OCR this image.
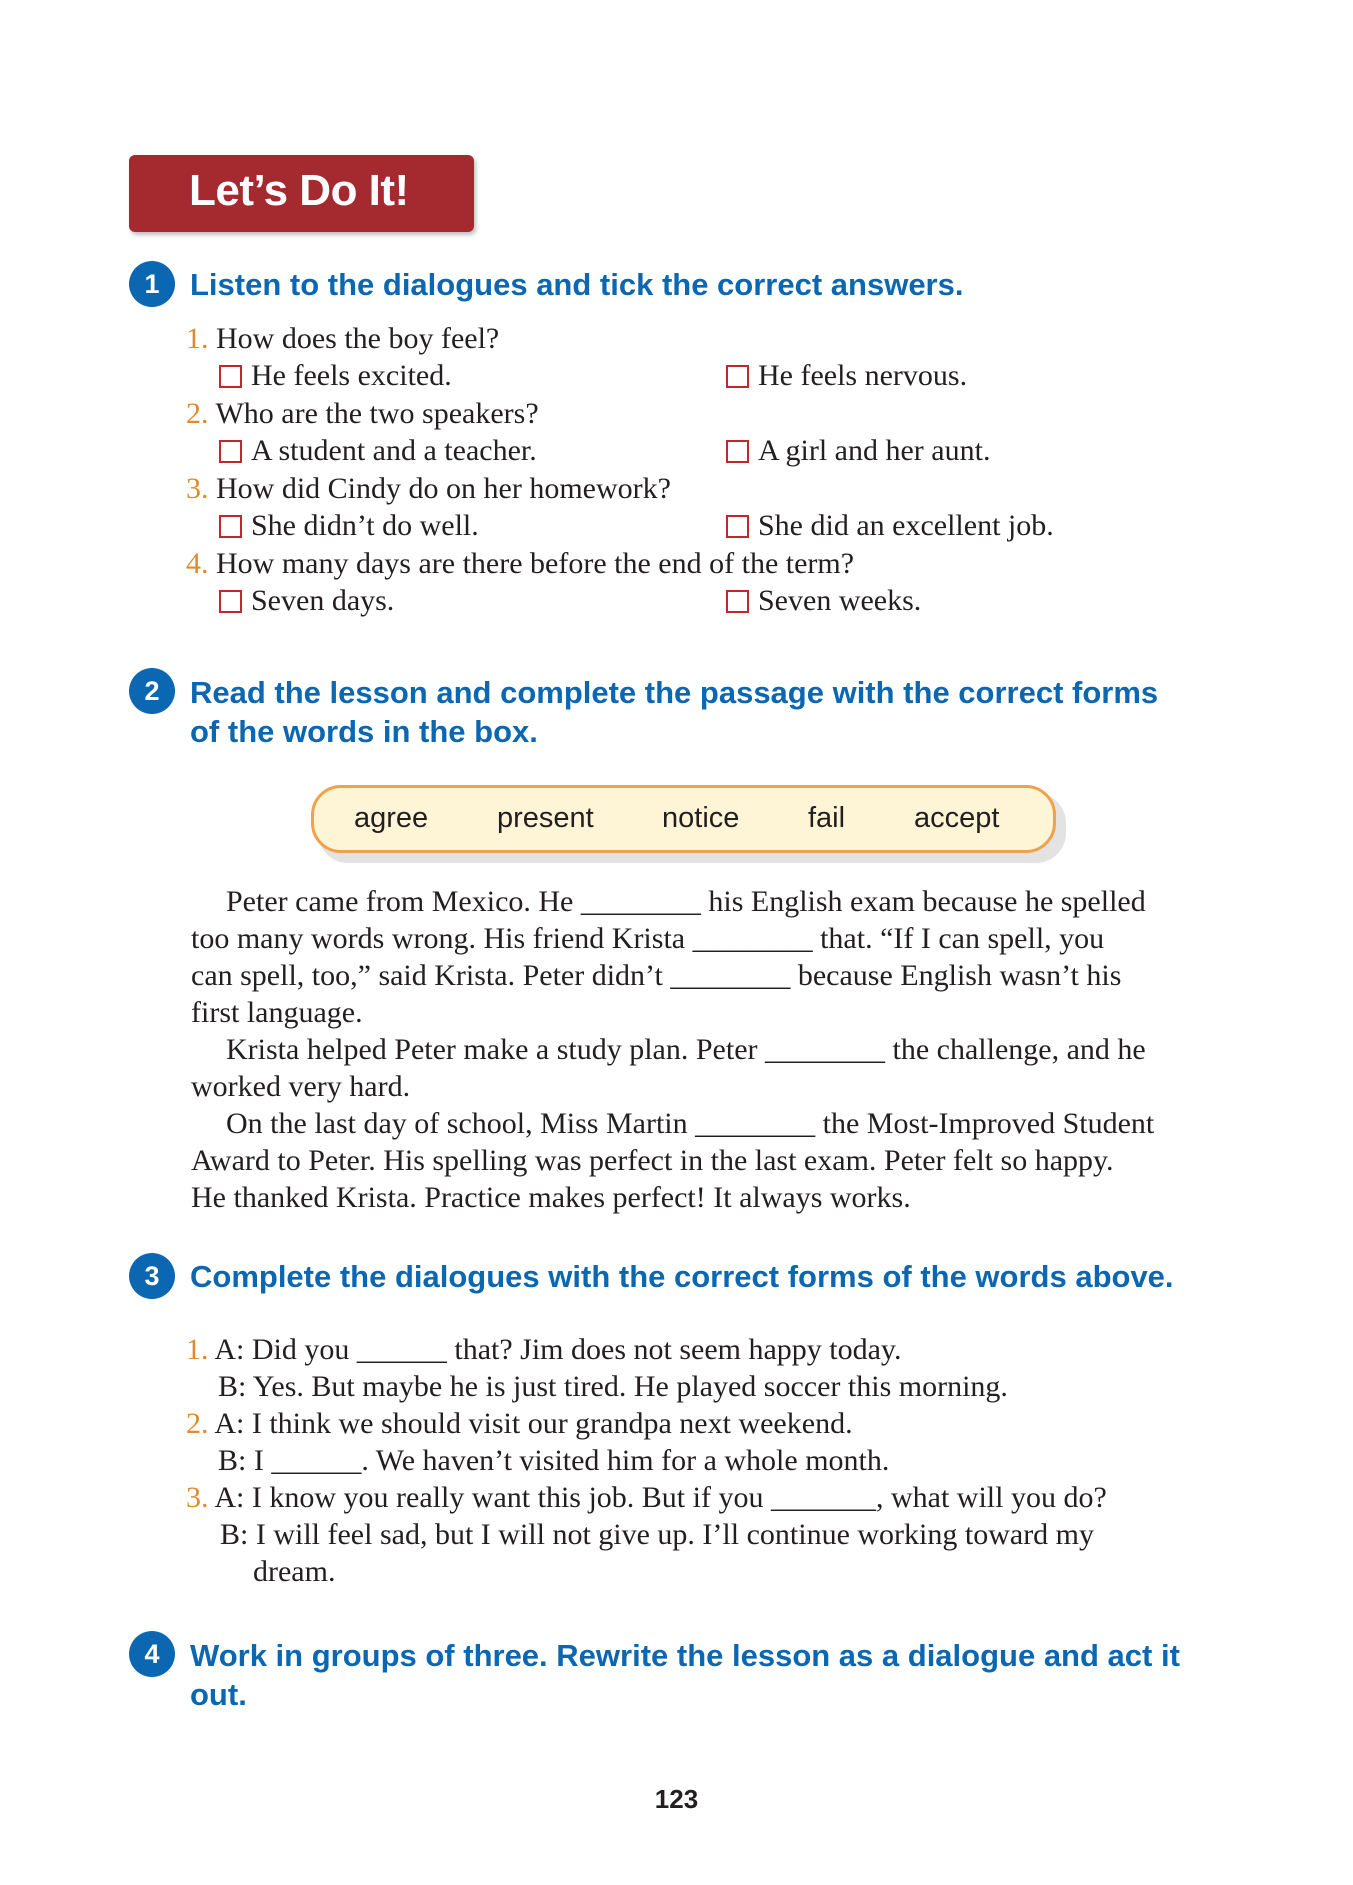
Let’s Do It!
1 Listen to the dialogues and tick the correct answers.
1. How does the boy feel?
He feels excited.	He feels nervous.
2. Who are the two speakers?
A student and a teacher.	A girl and her aunt.
3. How did Cindy do on her homework?
She didn’t do well.	She did an excellent job.
4. How many days are there before the end of the term?
Seven days.	Seven weeks.
2 Read the lesson and complete the passage with the correct forms
of the words in the box.
agree present notice fail accept
Peter came from Mexico. He ________ his English exam because he spelled
too many words wrong. His friend Krista ________ that. “If I can spell, you
can spell, too,” said Krista. Peter didn’t ________ because English wasn’t his
first language.
Krista helped Peter make a study plan. Peter ________ the challenge, and he
worked very hard.
On the last day of school, Miss Martin ________ the Most-Improved Student
Award to Peter. His spelling was perfect in the last exam. Peter felt so happy.
He thanked Krista. Practice makes perfect! It always works.
3 Complete the dialogues with the correct forms of the words above.
1. A: Did you ______ that? Jim does not seem happy today.
B: Yes. But maybe he is just tired. He played soccer this morning.
2. A: I think we should visit our grandpa next weekend.
B: I ______. We haven’t visited him for a whole month.
3. A: I know you really want this job. But if you _______, what will you do?
B: I will feel sad, but I will not give up. I’ll continue working toward my
dream.
4 Work in groups of three. Rewrite the lesson as a dialogue and act it
out.
123
